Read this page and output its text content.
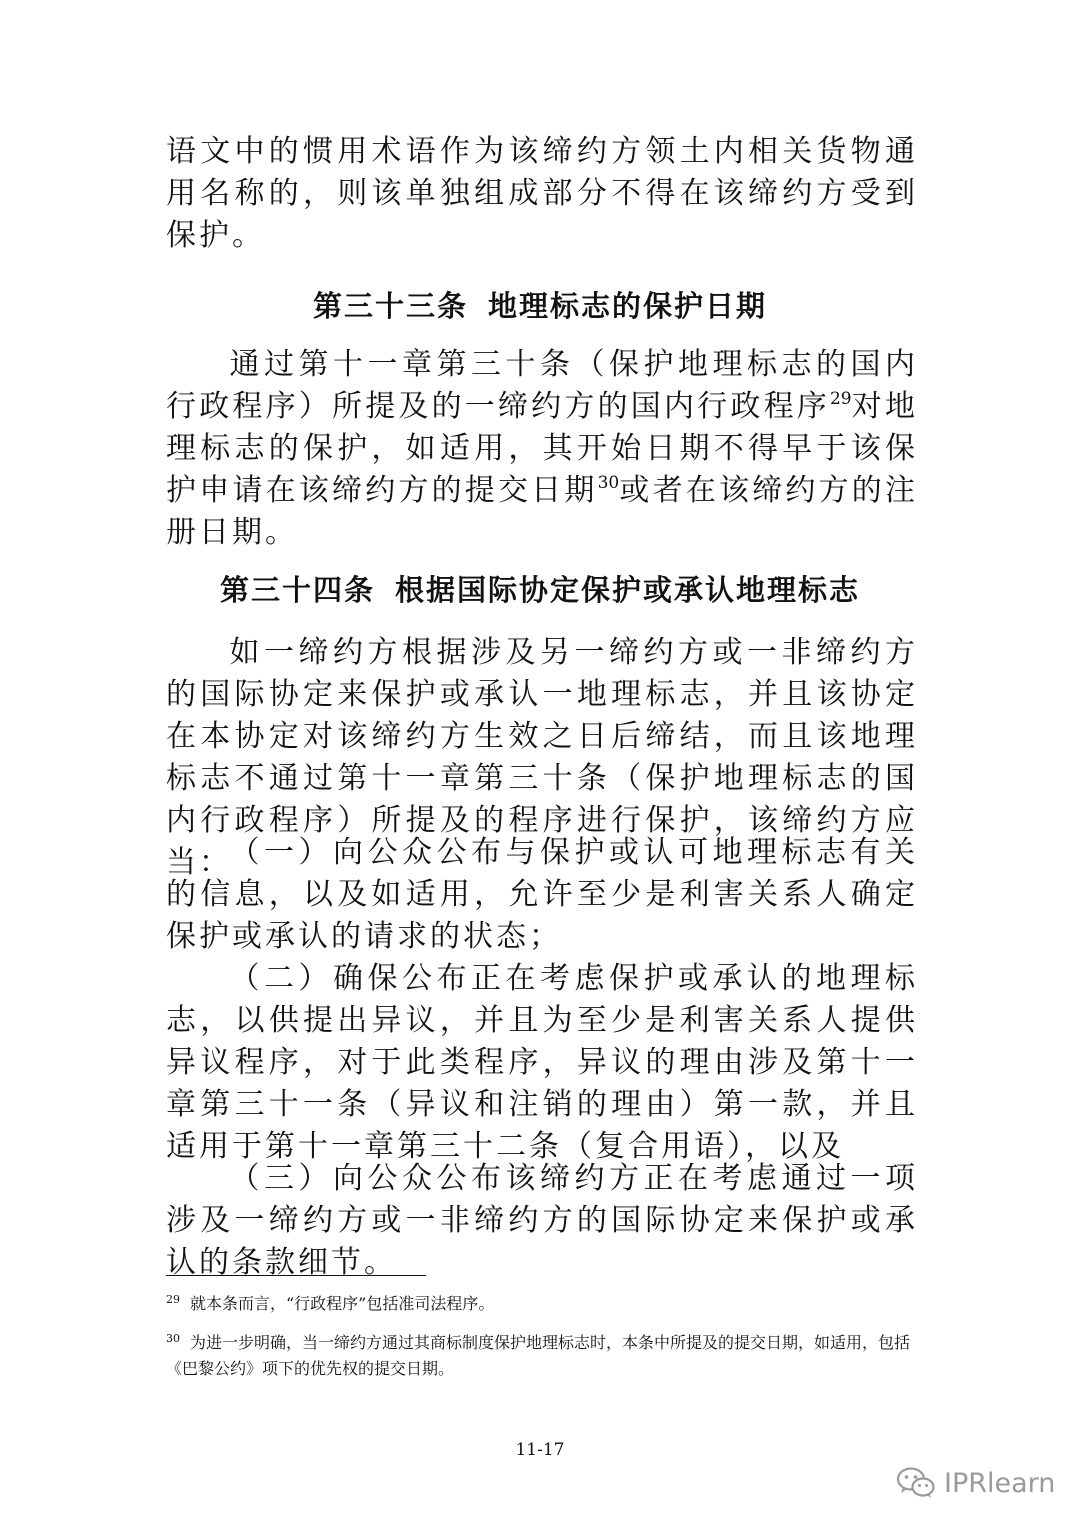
语文中的惯用术语作为该缔约方领土内相关货物通用名称的，则该单独组成部分不得在该缔约方受到保护。

第三十三条 地理标志的保护日期

通过第十一章第三十条（保护地理标志的国内行政程序）所提及的一缔约方的国内行政程序$^{29}$对地理标志的保护，如适用，其开始日期不得早于该保护申请在该缔约方的提交日期$^{30}$或者在该缔约方的注册日期。

第三十四条 根据国际协定保护或承认地理标志

如一缔约方根据涉及另一缔约方或一非缔约方的国际协定来保护或承认一地理标志，并且该协定在本协定对该缔约方生效之日后缔结，而且该地理标志不通过第十一章第三十条（保护地理标志的国内行政程序）所提及的程序进行保护，该缔约方应当：

（一）向公众公布与保护或认可地理标志有关的信息，以及如适用，允许至少是利害关系人确定保护或承认的请求的状态；

（二）确保公布正在考虑保护或承认的地理标志，以供提出异议，并且为至少是利害关系人提供异议程序，对于此类程序，异议的理由涉及第十一章第三十一条（异议和注销的理由）第一款，并且适用于第十一章第三十二条（复合用语），以及

（三）向公众公布该缔约方正在考虑通过一项涉及一缔约方或一非缔约方的国际协定来保护或承认的条款细节。

$^{29}$ 就本条而言，“行政程序”包括准司法程序。

$^{30}$ 为进一步明确，当一缔约方通过其商标制度保护地理标志时，本条中所提及的提交日期，如适用，包括《巴黎公约》项下的优先权的提交日期。

11-17

IPRlearn
